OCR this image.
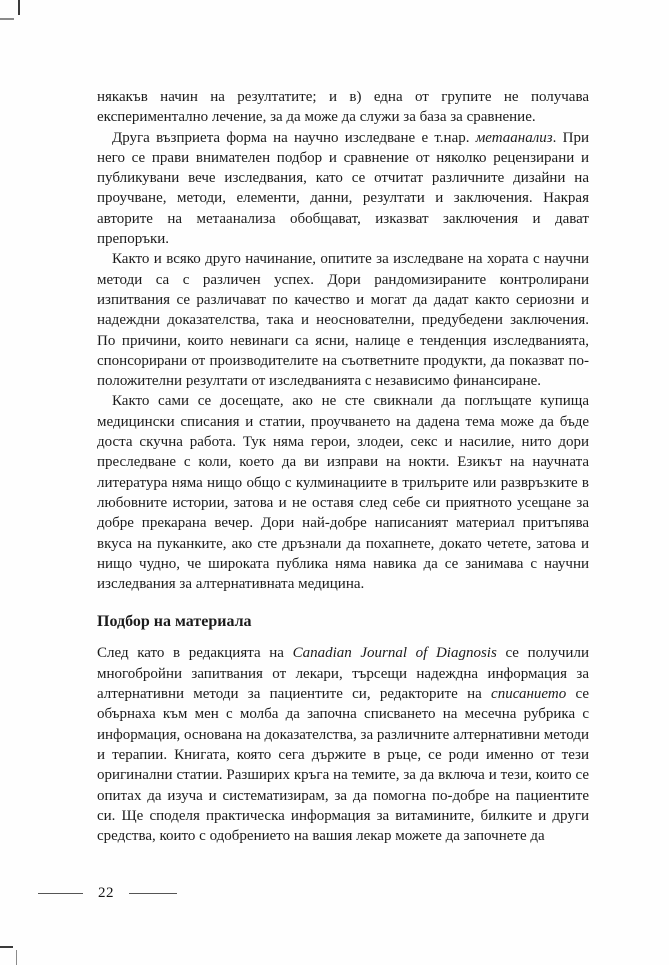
някакъв начин на резултатите; и в) една от групите не получава експериментално лечение, за да може да служи за база за сравнение.

Друга възприета форма на научно изследване е т.нар. метаанализ. При него се прави внимателен подбор и сравнение от няколко рецензирани и публикувани вече изследвания, като се отчитат различните дизайни на проучване, методи, елементи, данни, резултати и заключения. Накрая авторите на метаанализа обобщават, изказват заключения и дават препоръки.

Както и всяко друго начинание, опитите за изследване на хората с научни методи са с различен успех. Дори рандомизираните контролирани изпитвания се различават по качество и могат да дадат както сериозни и надеждни доказателства, така и неоснователни, предубедени заключения. По причини, които невинаги са ясни, налице е тенденция изследванията, спонсорирани от производителите на съответните продукти, да показват по-положителни резултати от изследванията с независимо финансиране.

Както сами се досещате, ако не сте свикнали да поглъщате купища медицински списания и статии, проучването на дадена тема може да бъде доста скучна работа. Тук няма герои, злодеи, секс и насилие, нито дори преследване с коли, което да ви изправи на нокти. Езикът на научната литература няма нищо общо с кулминациите в трилърите или развръзките в любовните истории, затова и не оставя след себе си приятното усещане за добре прекарана вечер. Дори най-добре написаният материал притъпява вкуса на пуканките, ако сте дръзнали да похапнете, докато четете, затова и нищо чудно, че широката публика няма навика да се занимава с научни изследвания за алтернативната медицина.

Подбор на материала

След като в редакцията на Canadian Journal of Diagnosis се получили многобройни запитвания от лекари, търсещи надеждна информация за алтернативни методи за пациентите си, редакторите на списанието се обърнаха към мен с молба да започна списването на месечна рубрика с информация, основана на доказателства, за различните алтернативни методи и терапии. Книгата, която сега държите в ръце, се роди именно от тези оригинални статии. Разширих кръга на темите, за да включа и тези, които се опитах да изуча и систематизирам, за да помогна по-добре на пациентите си. Ще споделя практическа информация за витамините, билките и други средства, които с одобрението на вашия лекар можете да започнете да

22
